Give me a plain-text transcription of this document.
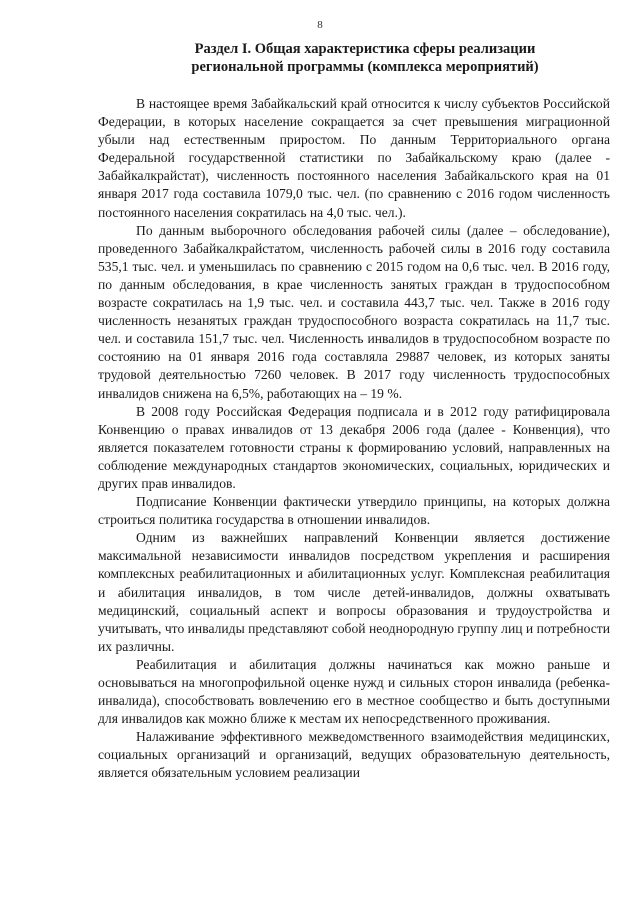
8
Раздел I. Общая характеристика сферы реализации
региональной программы (комплекса мероприятий)

В настоящее время Забайкальский край относится к числу субъектов Российской Федерации, в которых население сокращается за счет превышения миграционной убыли над естественным приростом. По данным Территориального органа Федеральной государственной статистики по Забайкальскому краю (далее - Забайкалкрайстат), численность постоянного населения Забайкальского края на 01 января 2017 года составила 1079,0 тыс. чел. (по сравнению с 2016 годом численность постоянного населения сократилась на 4,0 тыс. чел.).

По данным выборочного обследования рабочей силы (далее – обследование), проведенного Забайкалкрайстатом, численность рабочей силы в 2016 году составила 535,1 тыс. чел. и уменьшилась по сравнению с 2015 годом на 0,6 тыс. чел. В 2016 году, по данным обследования, в крае численность занятых граждан в трудоспособном возрасте сократилась на 1,9 тыс. чел. и составила 443,7 тыс. чел. Также в 2016 году численность незанятых граждан трудоспособного возраста сократилась на 11,7 тыс. чел. и составила 151,7 тыс. чел. Численность инвалидов в трудоспособном возрасте по состоянию на 01 января 2016 года составляла 29887 человек, из которых заняты трудовой деятельностью 7260 человек. В 2017 году численность трудоспособных инвалидов снижена на 6,5%, работающих на – 19 %.

В 2008 году Российская Федерация подписала и в 2012 году ратифицировала Конвенцию о правах инвалидов от 13 декабря 2006 года (далее - Конвенция), что является показателем готовности страны к формированию условий, направленных на соблюдение международных стандартов экономических, социальных, юридических и других прав инвалидов.

Подписание Конвенции фактически утвердило принципы, на которых должна строиться политика государства в отношении инвалидов.

Одним из важнейших направлений Конвенции является достижение максимальной независимости инвалидов посредством укрепления и расширения комплексных реабилитационных и абилитационных услуг. Комплексная реабилитация и абилитация инвалидов, в том числе детей-инвалидов, должны охватывать медицинский, социальный аспект и вопросы образования и трудоустройства и учитывать, что инвалиды представляют собой неоднородную группу лиц и потребности их различны.

Реабилитация и абилитация должны начинаться как можно раньше и основываться на многопрофильной оценке нужд и сильных сторон инвалида (ребенка-инвалида), способствовать вовлечению его в местное сообщество и быть доступными для инвалидов как можно ближе к местам их непосредственного проживания.

Налаживание эффективного межведомственного взаимодействия медицинских, социальных организаций и организаций, ведущих образовательную деятельность, является обязательным условием реализации
